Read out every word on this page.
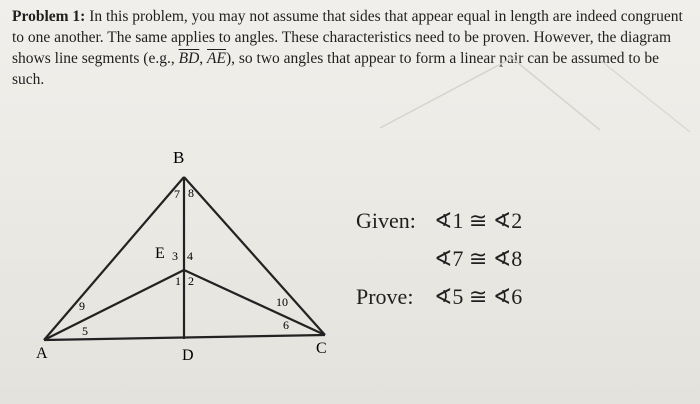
Problem 1: In this problem, you may not assume that sides that appear equal in length are indeed congruent to one another. The same applies to angles. These characteristics need to be proven. However, the diagram shows line segments (e.g., $\overline{BD}$, $\overline{AE}$), so two angles that appear to form a linear pair can be assumed to be such.
B
A	C
D
E
7 8
3 4
1 2
9
5
10
6
Given: ∢1 ≅ ∢2
∢7 ≅ ∢8
Prove: ∢5 ≅ ∢6
